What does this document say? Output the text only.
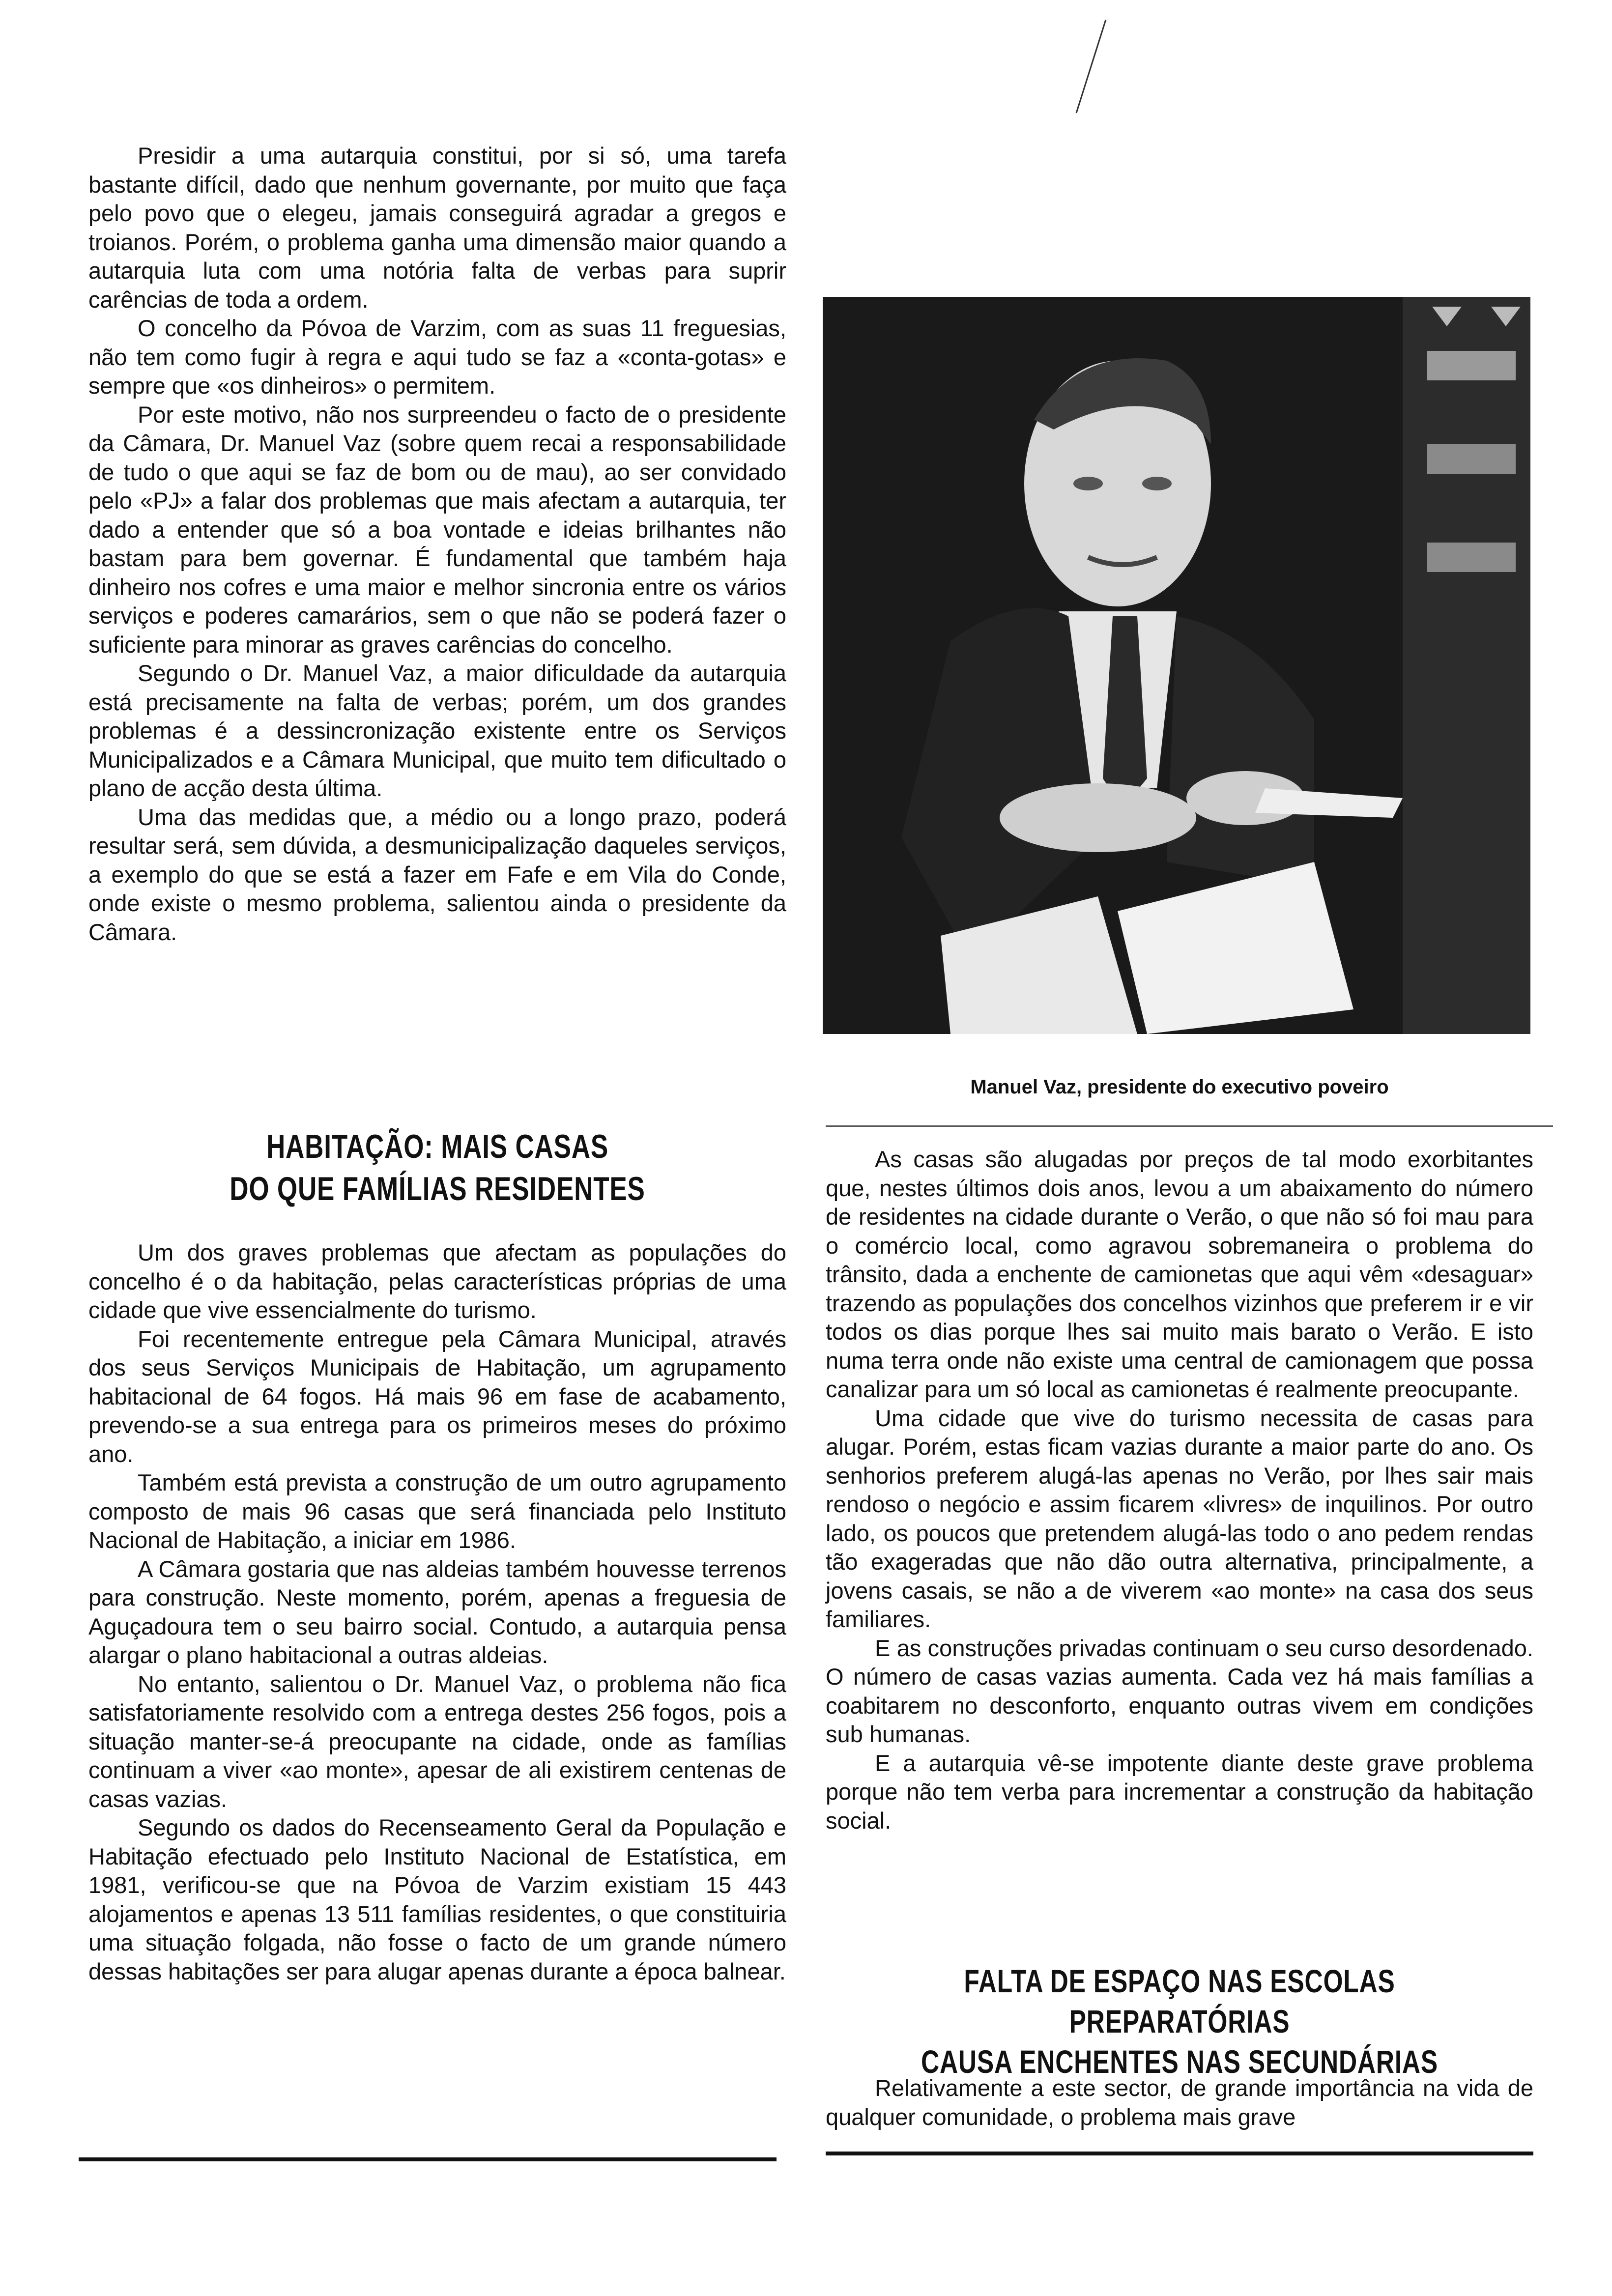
Presidir a uma autarquia constitui, por si só, uma tarefa bastante difícil, dado que nenhum governante, por muito que faça pelo povo que o elegeu, jamais conseguirá agradar a gregos e troianos. Porém, o problema ganha uma dimensão maior quando a autarquia luta com uma notória falta de verbas para suprir carências de toda a ordem.

O concelho da Póvoa de Varzim, com as suas 11 freguesias, não tem como fugir à regra e aqui tudo se faz a «conta-gotas» e sempre que «os dinheiros» o permitem.

Por este motivo, não nos surpreendeu o facto de o presidente da Câmara, Dr. Manuel Vaz (sobre quem recai a responsabilidade de tudo o que aqui se faz de bom ou de mau), ao ser convidado pelo «PJ» a falar dos problemas que mais afectam a autarquia, ter dado a entender que só a boa vontade e ideias brilhantes não bastam para bem governar. É fundamental que também haja dinheiro nos cofres e uma maior e melhor sincronia entre os vários serviços e poderes camarários, sem o que não se poderá fazer o suficiente para minorar as graves carências do concelho.

Segundo o Dr. Manuel Vaz, a maior dificuldade da autarquia está precisamente na falta de verbas; porém, um dos grandes problemas é a dessincronização existente entre os Serviços Municipalizados e a Câmara Municipal, que muito tem dificultado o plano de acção desta última.

Uma das medidas que, a médio ou a longo prazo, poderá resultar será, sem dúvida, a desmunicipalização daqueles serviços, a exemplo do que se está a fazer em Fafe e em Vila do Conde, onde existe o mesmo problema, salientou ainda o presidente da Câmara.

HABITAÇÃO: MAIS CASAS
DO QUE FAMÍLIAS RESIDENTES

Um dos graves problemas que afectam as populações do concelho é o da habitação, pelas características próprias de uma cidade que vive essencialmente do turismo.

Foi recentemente entregue pela Câmara Municipal, através dos seus Serviços Municipais de Habitação, um agrupamento habitacional de 64 fogos. Há mais 96 em fase de acabamento, prevendo-se a sua entrega para os primeiros meses do próximo ano.

Também está prevista a construção de um outro agrupamento composto de mais 96 casas que será financiada pelo Instituto Nacional de Habitação, a iniciar em 1986.

A Câmara gostaria que nas aldeias também houvesse terrenos para construção. Neste momento, porém, apenas a freguesia de Aguçadoura tem o seu bairro social. Contudo, a autarquia pensa alargar o plano habitacional a outras aldeias.

No entanto, salientou o Dr. Manuel Vaz, o problema não fica satisfatoriamente resolvido com a entrega destes 256 fogos, pois a situação manter-se-á preocupante na cidade, onde as famílias continuam a viver «ao monte», apesar de ali existirem centenas de casas vazias.

Segundo os dados do Recenseamento Geral da População e Habitação efectuado pelo Instituto Nacional de Estatística, em 1981, verificou-se que na Póvoa de Varzim existiam 15 443 alojamentos e apenas 13 511 famílias residentes, o que constituiria uma situação folgada, não fosse o facto de um grande número dessas habitações ser para alugar apenas durante a época balnear.

Manuel Vaz, presidente do executivo poveiro

As casas são alugadas por preços de tal modo exorbitantes que, nestes últimos dois anos, levou a um abaixamento do número de residentes na cidade durante o Verão, o que não só foi mau para o comércio local, como agravou sobremaneira o problema do trânsito, dada a enchente de camionetas que aqui vêm «desaguar» trazendo as populações dos concelhos vizinhos que preferem ir e vir todos os dias porque lhes sai muito mais barato o Verão. E isto numa terra onde não existe uma central de camionagem que possa canalizar para um só local as camionetas é realmente preocupante.

Uma cidade que vive do turismo necessita de casas para alugar. Porém, estas ficam vazias durante a maior parte do ano. Os senhorios preferem alugá-las apenas no Verão, por lhes sair mais rendoso o negócio e assim ficarem «livres» de inquilinos. Por outro lado, os poucos que pretendem alugá-las todo o ano pedem rendas tão exageradas que não dão outra alternativa, principalmente, a jovens casais, se não a de viverem «ao monte» na casa dos seus familiares.

E as construções privadas continuam o seu curso desordenado. O número de casas vazias aumenta. Cada vez há mais famílias a coabitarem no desconforto, enquanto outras vivem em condições sub humanas.

E a autarquia vê-se impotente diante deste grave problema porque não tem verba para incrementar a construção da habitação social.

FALTA DE ESPAÇO NAS ESCOLAS PREPARATÓRIAS
CAUSA ENCHENTES NAS SECUNDÁRIAS

Relativamente a este sector, de grande importância na vida de qualquer comunidade, o problema mais grave
